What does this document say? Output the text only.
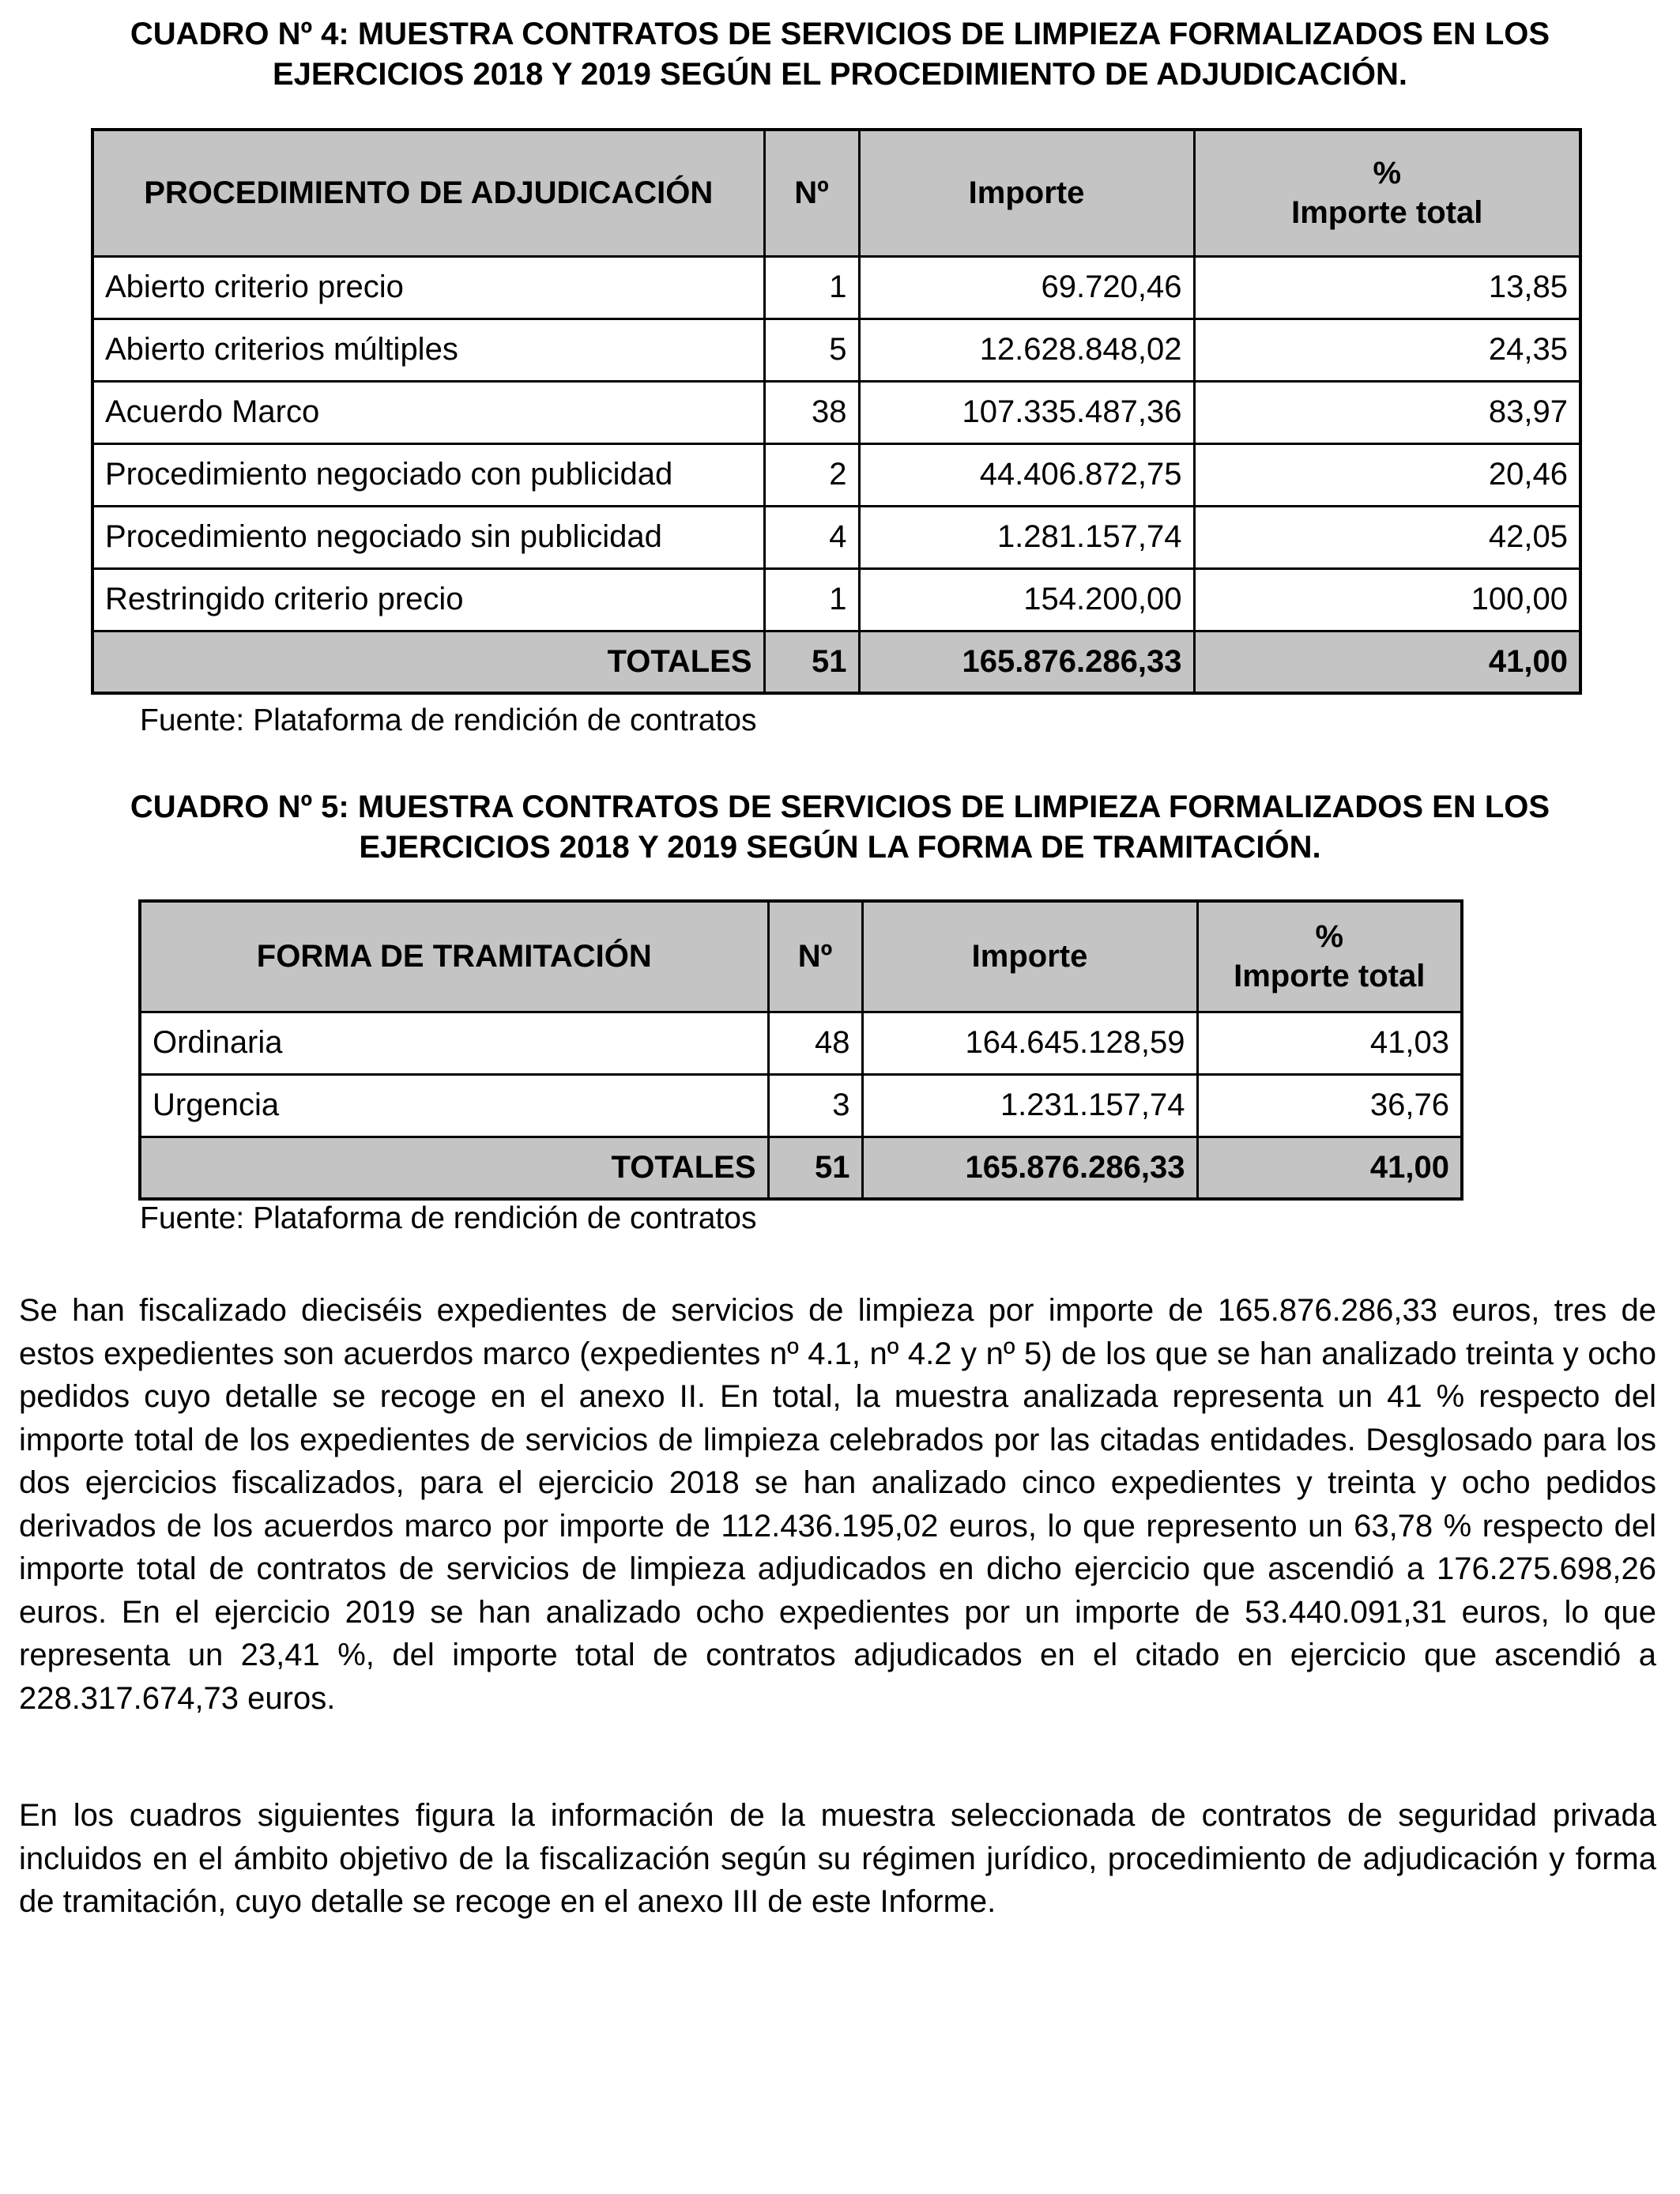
CUADRO Nº 4: MUESTRA CONTRATOS DE SERVICIOS DE LIMPIEZA FORMALIZADOS EN LOS
EJERCICIOS 2018 Y 2019 SEGÚN EL PROCEDIMIENTO DE ADJUDICACIÓN.
PROCEDIMIENTO DE ADJUDICACIÓN	Nº	Importe	%
Importe total

Abierto criterio precio	1	69.720,46	13,85
Abierto criterios múltiples	5	12.628.848,02	24,35
Acuerdo Marco	38	107.335.487,36	83,97
Procedimiento negociado con publicidad	2	44.406.872,75	20,46
Procedimiento negociado sin publicidad	4	1.281.157,74	42,05
Restringido criterio precio	1	154.200,00	100,00
TOTALES	51	165.876.286,33	41,00
Fuente: Plataforma de rendición de contratos
CUADRO Nº 5: MUESTRA CONTRATOS DE SERVICIOS DE LIMPIEZA FORMALIZADOS EN LOS
EJERCICIOS 2018 Y 2019 SEGÚN LA FORMA DE TRAMITACIÓN.
FORMA DE TRAMITACIÓN	Nº	Importe	%
Importe total

Ordinaria	48	164.645.128,59	41,03
Urgencia	3	1.231.157,74	36,76
TOTALES	51	165.876.286,33	41,00
Fuente: Plataforma de rendición de contratos

Se han fiscalizado dieciséis expedientes de servicios de limpieza por importe de 165.876.286,33 euros, tres de estos expedientes son acuerdos marco (expedientes nº 4.1, nº 4.2 y nº 5) de los que se han analizado treinta y ocho pedidos cuyo detalle se recoge en el anexo II. En total, la muestra analizada representa un 41 % respecto del importe total de los expedientes de servicios de limpieza celebrados por las citadas entidades. Desglosado para los dos ejercicios fiscalizados, para el ejercicio 2018 se han analizado cinco expedientes y treinta y ocho pedidos derivados de los acuerdos marco por importe de 112.436.195,02 euros, lo que represento un 63,78 % respecto del importe total de contratos de servicios de limpieza adjudicados en dicho ejercicio que ascendió a 176.275.698,26 euros. En el ejercicio 2019 se han analizado ocho expedientes por un importe de 53.440.091,31 euros, lo que representa un 23,41 %, del importe total de contratos adjudicados en el citado en ejercicio que ascendió a 228.317.674,73 euros.

En los cuadros siguientes figura la información de la muestra seleccionada de contratos de seguridad privada incluidos en el ámbito objetivo de la fiscalización según su régimen jurídico, procedimiento de adjudicación y forma de tramitación, cuyo detalle se recoge en el anexo III de este Informe.
